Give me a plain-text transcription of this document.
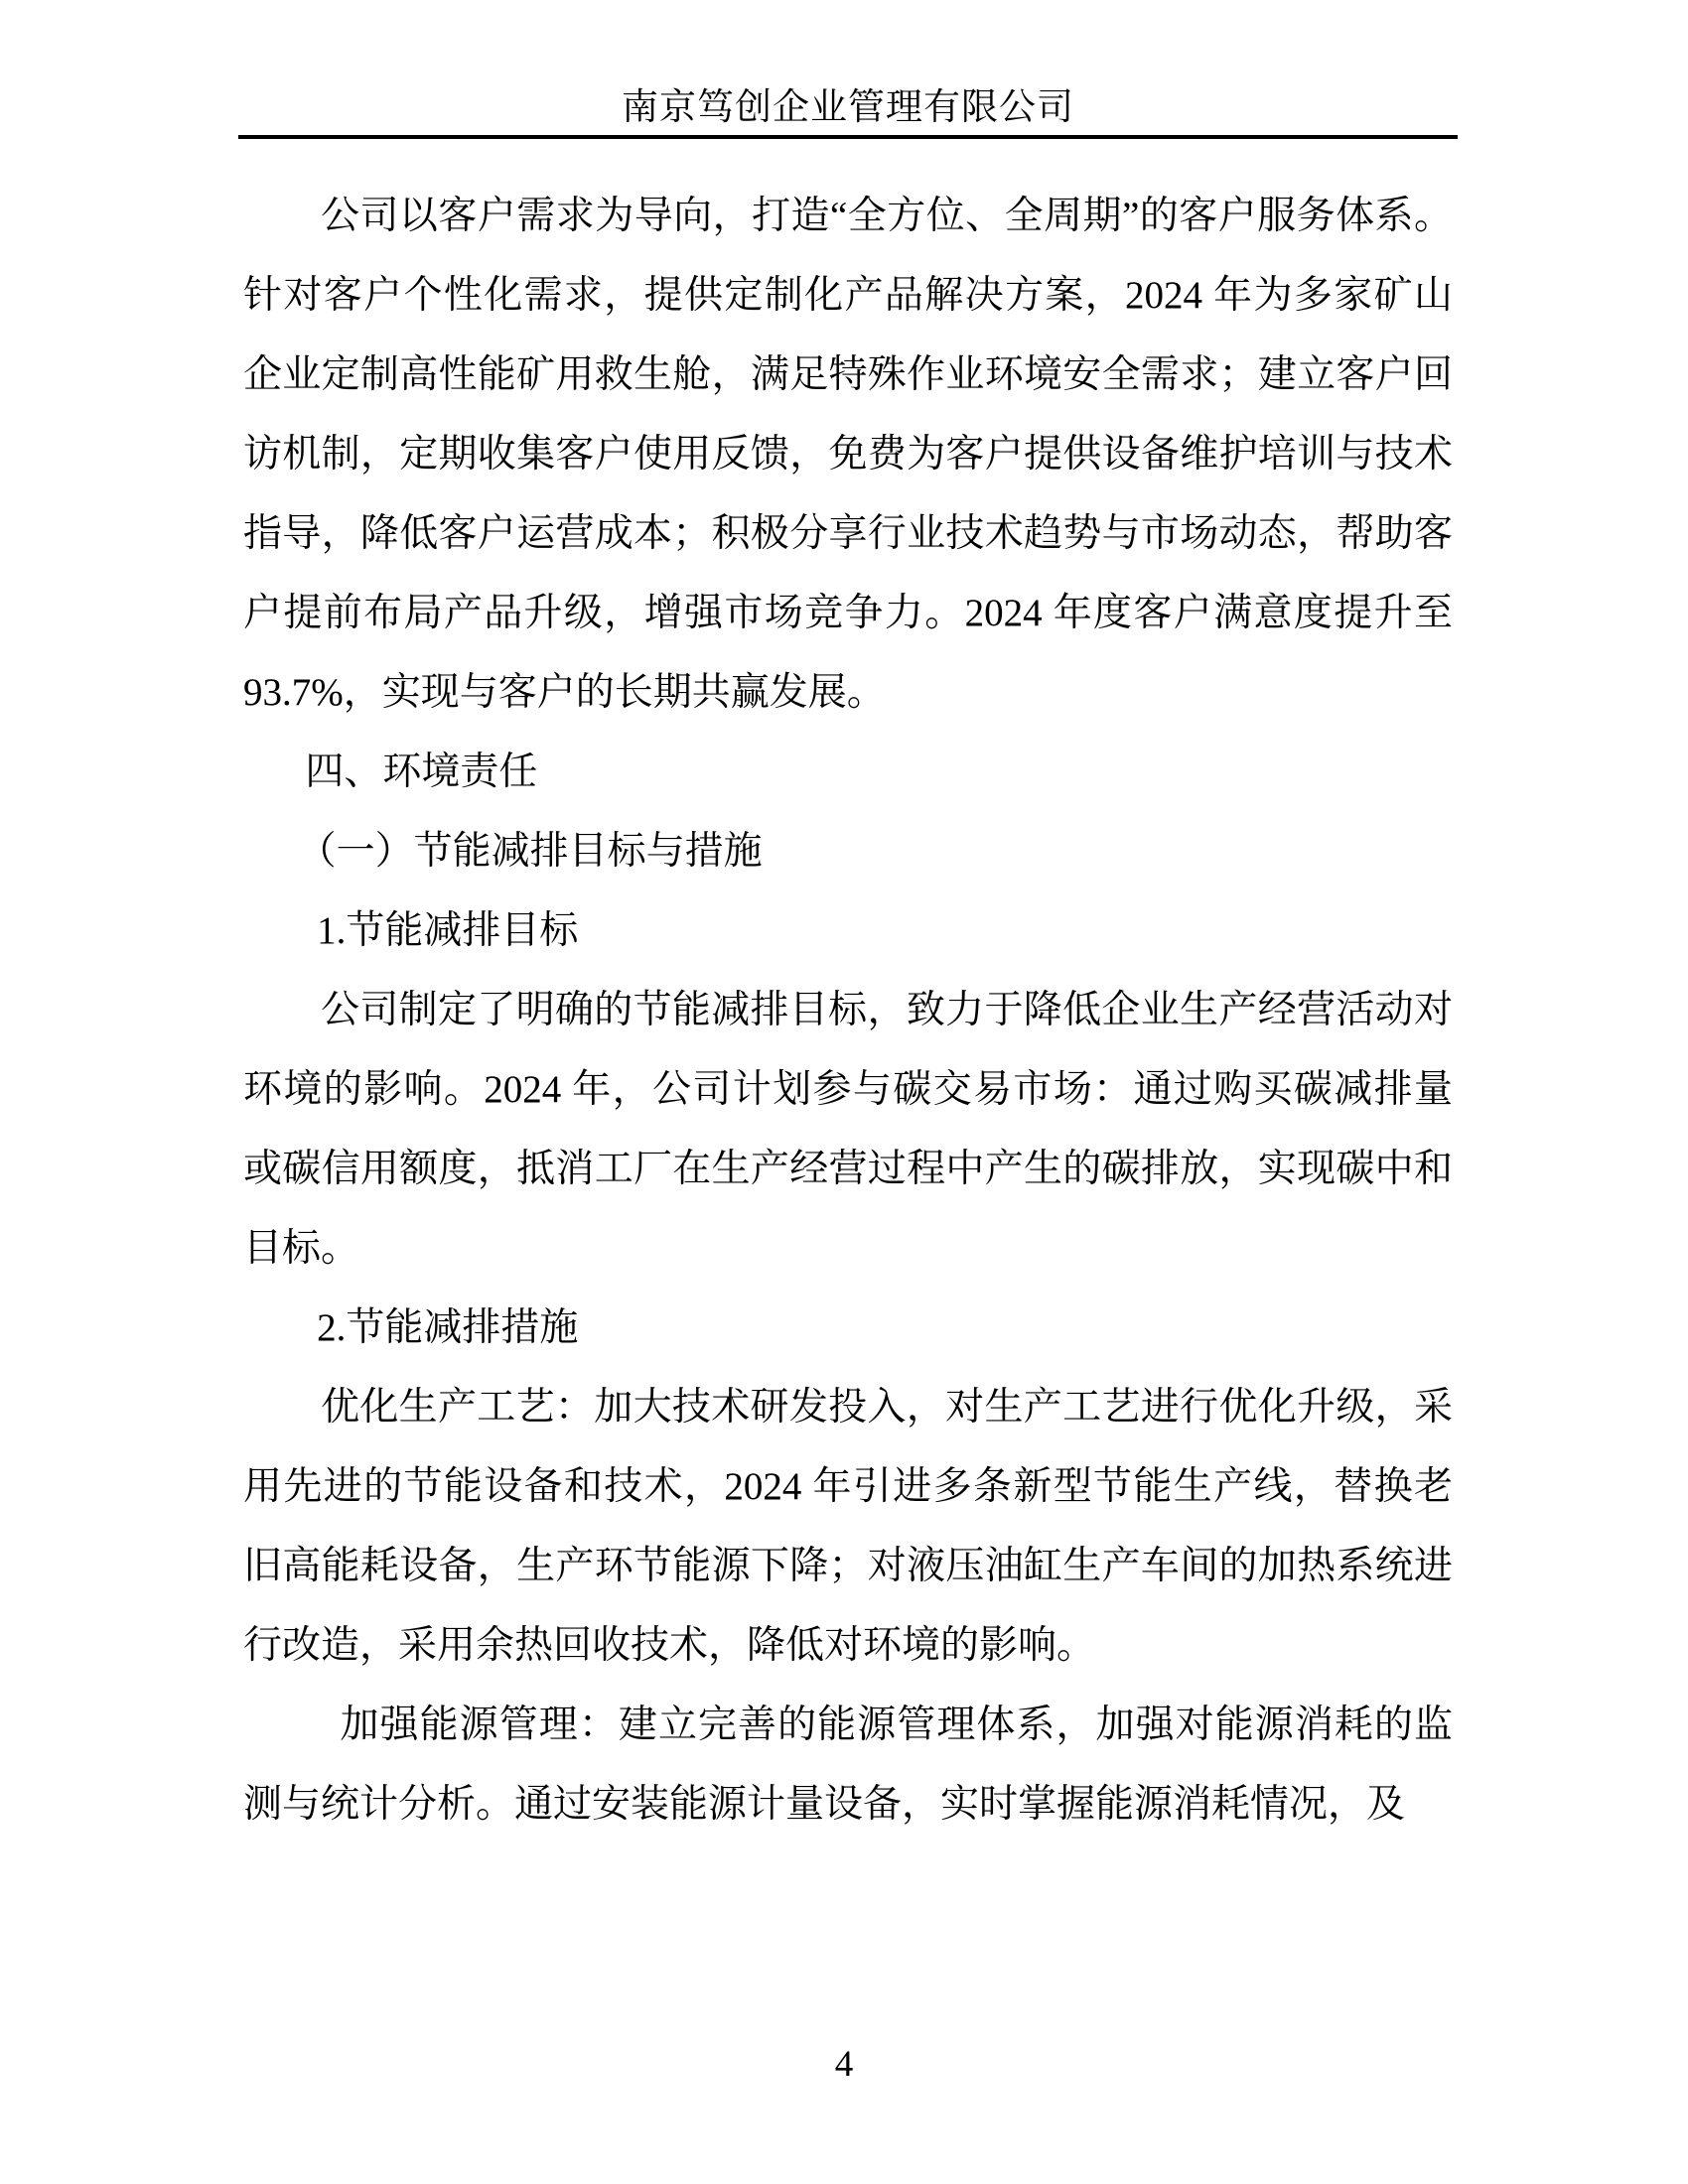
南京笃创企业管理有限公司

公司以客户需求为导向，打造“全方位、全周期”的客户服务体系。针对客户个性化需求，提供定制化产品解决方案，2024 年为多家矿山企业定制高性能矿用救生舱，满足特殊作业环境安全需求；建立客户回访机制，定期收集客户使用反馈，免费为客户提供设备维护培训与技术指导，降低客户运营成本；积极分享行业技术趋势与市场动态，帮助客户提前布局产品升级，增强市场竞争力。2024 年度客户满意度提升至 93.7%，实现与客户的长期共赢发展。

四、环境责任
（一）节能减排目标与措施
1.节能减排目标

公司制定了明确的节能减排目标，致力于降低企业生产经营活动对环境的影响。2024 年，公司计划参与碳交易市场：通过购买碳减排量或碳信用额度，抵消工厂在生产经营过程中产生的碳排放，实现碳中和目标。

2.节能减排措施

优化生产工艺：加大技术研发投入，对生产工艺进行优化升级，采用先进的节能设备和技术，2024 年引进多条新型节能生产线，替换老旧高能耗设备，生产环节能源下降；对液压油缸生产车间的加热系统进行改造，采用余热回收技术，降低对环境的影响。

加强能源管理：建立完善的能源管理体系，加强对能源消耗的监测与统计分析。通过安装能源计量设备，实时掌握能源消耗情况，及

4
